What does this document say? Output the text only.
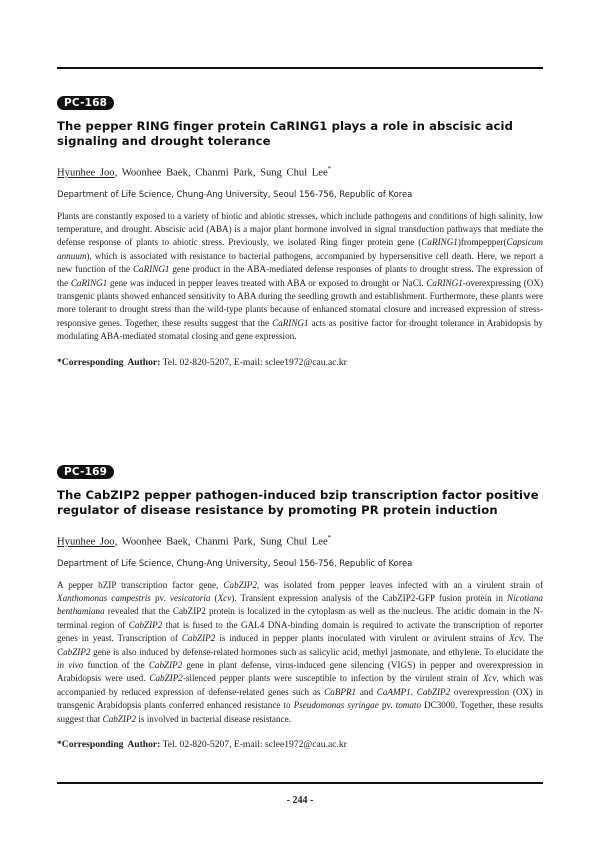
PC-168
The pepper RING finger protein CaRING1 plays a role in abscisic acid signaling and drought tolerance

Hyunhee Joo, Woonhee Baek, Chanmi Park, Sung Chul Lee*

Department of Life Science, Chung-Ang University, Seoul 156-756, Republic of Korea

Plants are constantly exposed to a variety of biotic and abiotic stresses, which include pathogens and conditions of high salinity, low temperature, and drought. Abscisic acid (ABA) is a major plant hormone involved in signal transduction pathways that mediate the defense response of plants to abiotic stress. Previously, we isolated Ring finger protein gene (CaRING1)frompepper(Capsicum annuum), which is associated with resistance to bacterial pathogens, accompanied by hypersensitive cell death. Here, we report a new function of the CaRING1 gene product in the ABA-mediated defense responses of plants to drought stress. The expression of the CaRING1 gene was induced in pepper leaves treated with ABA or exposed to drought or NaCl. CaRING1-overexpressing (OX) transgenic plants showed enhanced sensitivity to ABA during the seedling growth and establishment. Furthermore, these plants were more tolerant to drought stress than the wild-type plants because of enhanced stomatal closure and increased expression of stress-responsive genes. Together, these results suggest that the CaRING1 acts as positive factor for drought tolerance in Arabidopsis by modulating ABA-mediated stomatal closing and gene expression.

*Corresponding Author: Tel. 02-820-5207, E-mail: sclee1972@cau.ac.kr

PC-169
The CabZIP2 pepper pathogen-induced bzip transcription factor positive regulator of disease resistance by promoting PR protein induction

Hyunhee Joo, Woonhee Baek, Chanmi Park, Sung Chul Lee*

Department of Life Science, Chung-Ang University, Seoul 156-756, Republic of Korea

A pepper bZIP transcription factor gene, CabZIP2, was isolated from pepper leaves infected with an a virulent strain of Xanthomonas campestris pv. vesicatoria (Xcv). Transient expression analysis of the CabZIP2-GFP fusion protein in Nicotiana benthamiana revealed that the CabZIP2 protein is localized in the cytoplasm as well as the nucleus. The acidic domain in the N-terminal region of CabZIP2 that is fused to the GAL4 DNA-binding domain is required to activate the transcription of reporter genes in yeast. Transcription of CabZIP2 is induced in pepper plants inoculated with virulent or avirulent strains of Xcv. The CabZIP2 gene is also induced by defense-related hormones such as salicylic acid, methyl jasmonate, and ethylene. To elucidate the in vivo function of the CabZIP2 gene in plant defense, virus-induced gene silencing (VIGS) in pepper and overexpression in Arabidopsis were used. CabZIP2-silenced pepper plants were susceptible to infection by the virulent strain of Xcv, which was accompanied by reduced expression of defense-related genes such as CaBPR1 and CaAMP1. CabZIP2 overexpression (OX) in transgenic Arabidopsis plants conferred enhanced resistance to Pseudomonas syringae pv. tomato DC3000. Together, these results suggest that CabZIP2 is involved in bacterial disease resistance.

*Corresponding Author: Tel. 02-820-5207, E-mail: sclee1972@cau.ac.kr

- 244 -
